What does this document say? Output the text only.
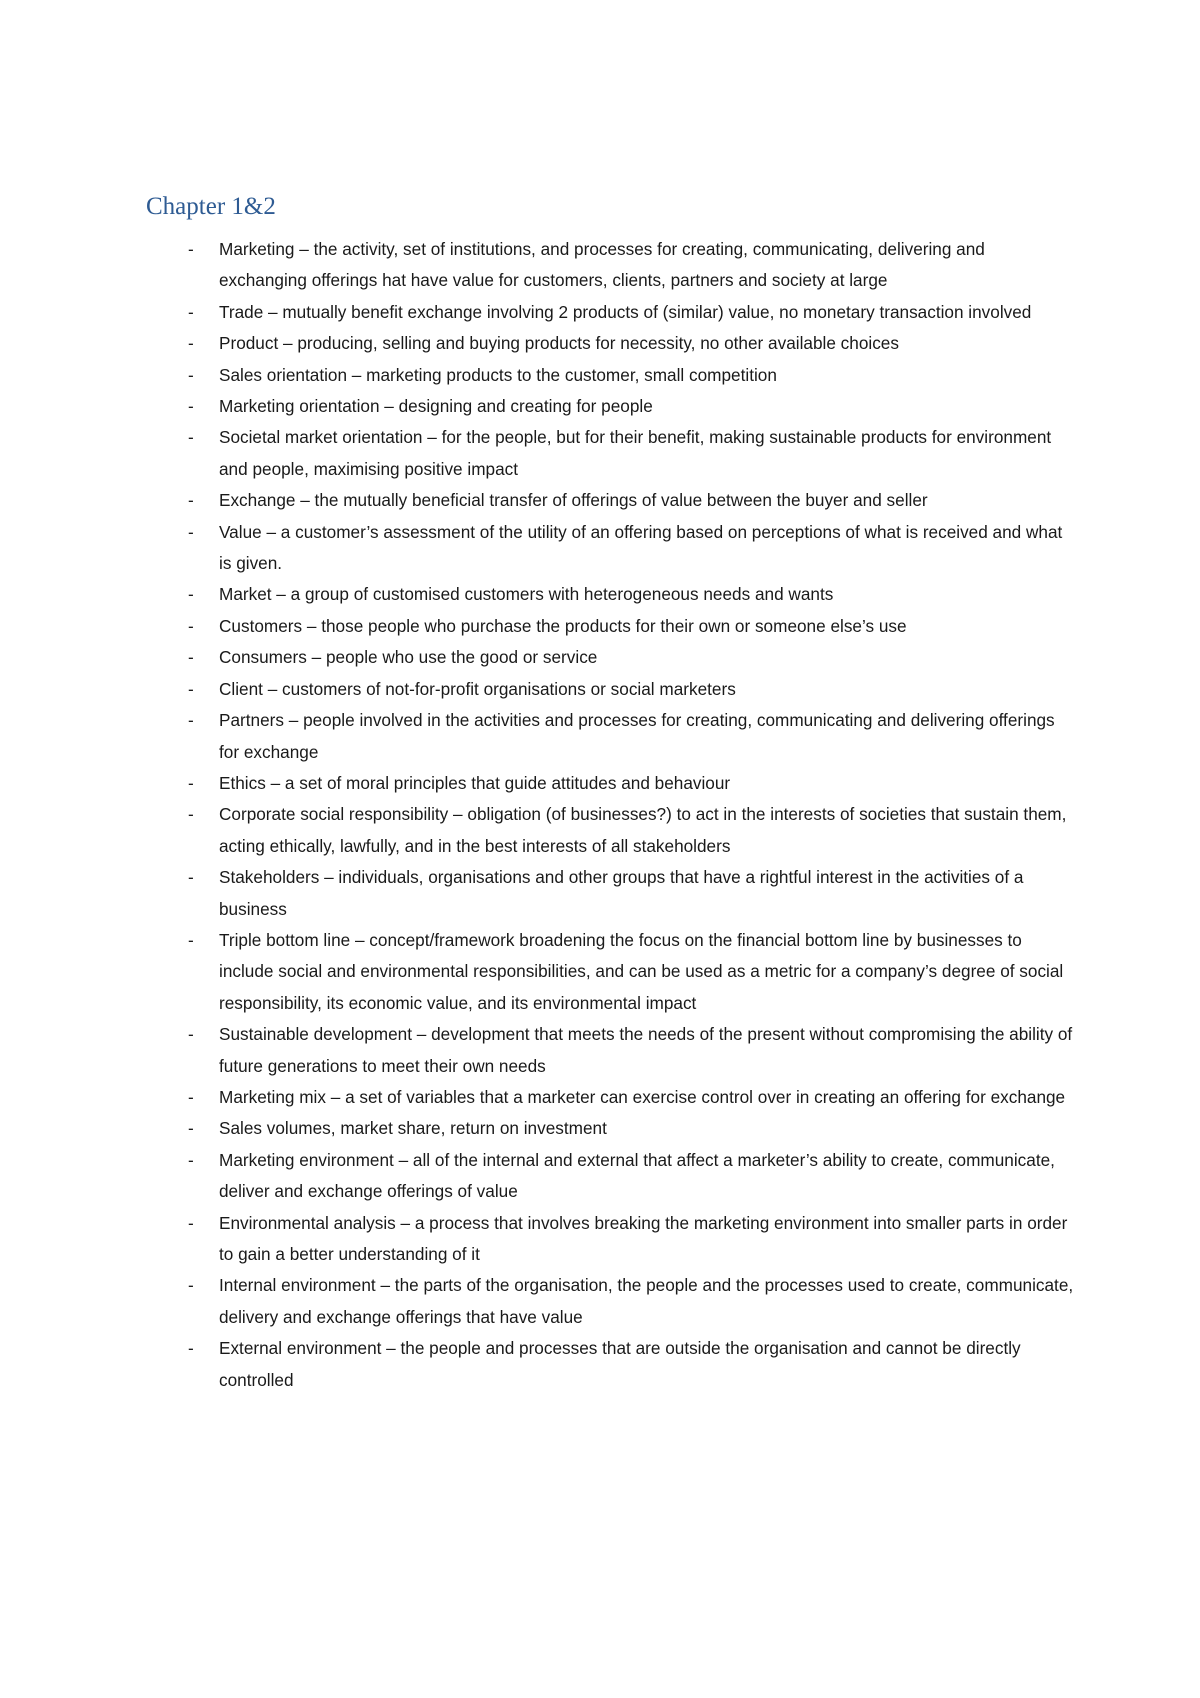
Chapter 1&2
-	Marketing – the activity, set of institutions, and processes for creating, communicating, delivering and exchanging offerings hat have value for customers, clients, partners and society at large
-	Trade – mutually benefit exchange involving 2 products of (similar) value, no monetary transaction involved
-	Product – producing, selling and buying products for necessity, no other available choices
-	Sales orientation – marketing products to the customer, small competition
-	Marketing orientation – designing and creating for people
-	Societal market orientation – for the people, but for their benefit, making sustainable products for environment and people, maximising positive impact
-	Exchange – the mutually beneficial transfer of offerings of value between the buyer and seller
-	Value – a customer’s assessment of the utility of an offering based on perceptions of what is received and what is given.
-	Market – a group of customised customers with heterogeneous needs and wants
-	Customers – those people who purchase the products for their own or someone else’s use
-	Consumers – people who use the good or service
-	Client – customers of not-for-profit organisations or social marketers
-	Partners – people involved in the activities and processes for creating, communicating and delivering offerings for exchange
-	Ethics – a set of moral principles that guide attitudes and behaviour
-	Corporate social responsibility – obligation (of businesses?) to act in the interests of societies that sustain them, acting ethically, lawfully, and in the best interests of all stakeholders
-	Stakeholders – individuals, organisations and other groups that have a rightful interest in the activities of a business
-	Triple bottom line – concept/framework broadening the focus on the financial bottom line by businesses to include social and environmental responsibilities, and can be used as a metric for a company’s degree of social responsibility, its economic value, and its environmental impact
-	Sustainable development – development that meets the needs of the present without compromising the ability of future generations to meet their own needs
-	Marketing mix – a set of variables that a marketer can exercise control over in creating an offering for exchange
-	Sales volumes, market share, return on investment
-	Marketing environment – all of the internal and external that affect a marketer’s ability to create, communicate, deliver and exchange offerings of value
-	Environmental analysis – a process that involves breaking the marketing environment into smaller parts in order to gain a better understanding of it
-	Internal environment – the parts of the organisation, the people and the processes used to create, communicate, delivery and exchange offerings that have value
-	External environment – the people and processes that are outside the organisation and cannot be directly controlled
